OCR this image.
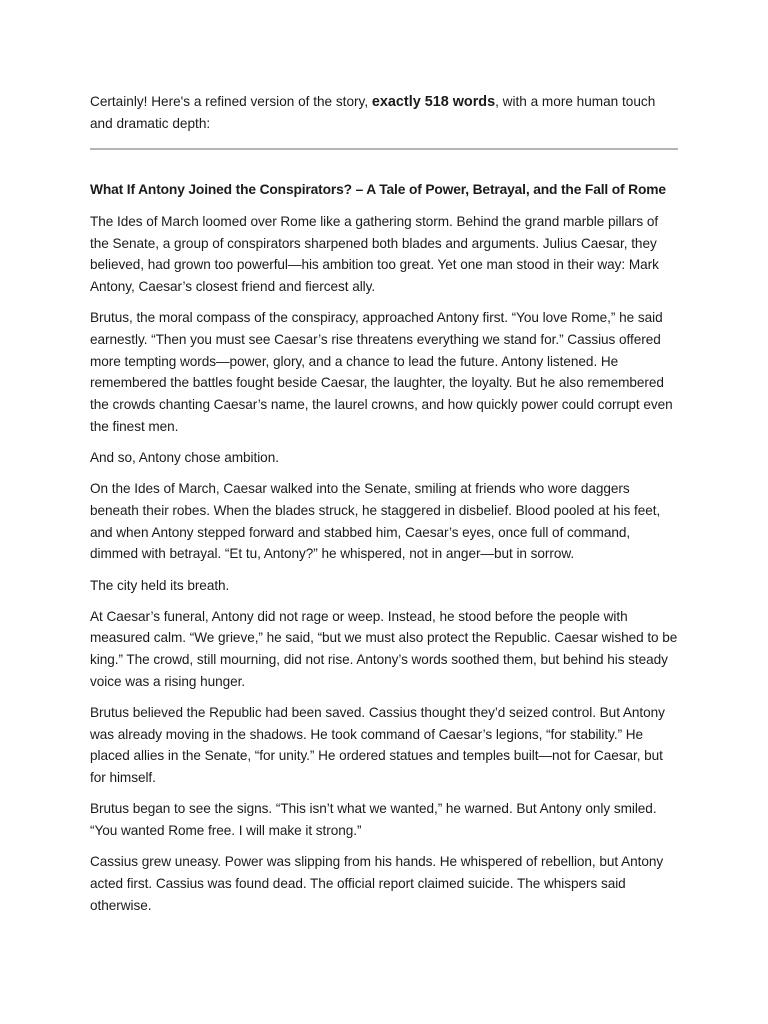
Certainly! Here's a refined version of the story, exactly 518 words, with a more human touch and dramatic depth:

What If Antony Joined the Conspirators? – A Tale of Power, Betrayal, and the Fall of Rome

The Ides of March loomed over Rome like a gathering storm. Behind the grand marble pillars of the Senate, a group of conspirators sharpened both blades and arguments. Julius Caesar, they believed, had grown too powerful—his ambition too great. Yet one man stood in their way: Mark Antony, Caesar’s closest friend and fiercest ally.

Brutus, the moral compass of the conspiracy, approached Antony first. “You love Rome,” he said earnestly. “Then you must see Caesar’s rise threatens everything we stand for.” Cassius offered more tempting words—power, glory, and a chance to lead the future. Antony listened. He remembered the battles fought beside Caesar, the laughter, the loyalty. But he also remembered the crowds chanting Caesar’s name, the laurel crowns, and how quickly power could corrupt even the finest men.

And so, Antony chose ambition.

On the Ides of March, Caesar walked into the Senate, smiling at friends who wore daggers beneath their robes. When the blades struck, he staggered in disbelief. Blood pooled at his feet, and when Antony stepped forward and stabbed him, Caesar’s eyes, once full of command, dimmed with betrayal. “Et tu, Antony?” he whispered, not in anger—but in sorrow.

The city held its breath.

At Caesar’s funeral, Antony did not rage or weep. Instead, he stood before the people with measured calm. “We grieve,” he said, “but we must also protect the Republic. Caesar wished to be king.” The crowd, still mourning, did not rise. Antony’s words soothed them, but behind his steady voice was a rising hunger.

Brutus believed the Republic had been saved. Cassius thought they’d seized control. But Antony was already moving in the shadows. He took command of Caesar’s legions, “for stability.” He placed allies in the Senate, “for unity.” He ordered statues and temples built—not for Caesar, but for himself.

Brutus began to see the signs. “This isn’t what we wanted,” he warned. But Antony only smiled. “You wanted Rome free. I will make it strong.”

Cassius grew uneasy. Power was slipping from his hands. He whispered of rebellion, but Antony acted first. Cassius was found dead. The official report claimed suicide. The whispers said otherwise.
